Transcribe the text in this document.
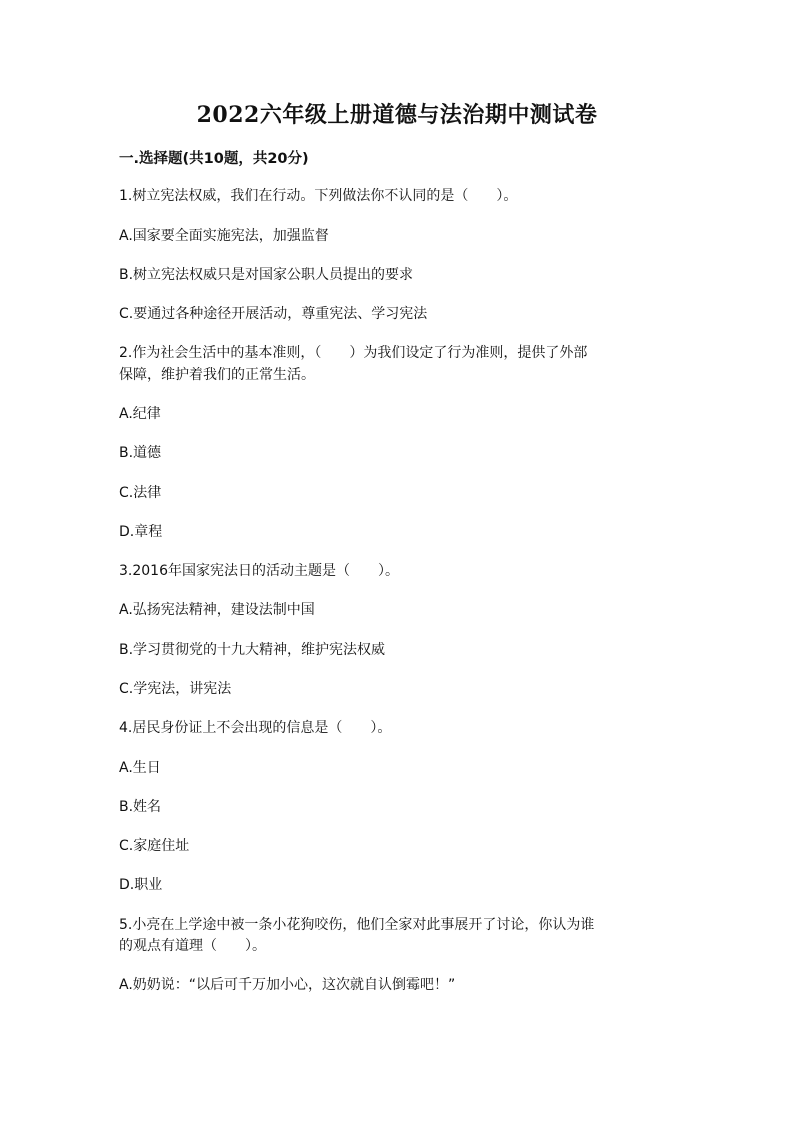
2022六年级上册道德与法治期中测试卷
一.选择题(共10题，共20分)
1.树立宪法权威，我们在行动。下列做法你不认同的是（　　）。
A.国家要全面实施宪法，加强监督
B.树立宪法权威只是对国家公职人员提出的要求
C.要通过各种途径开展活动，尊重宪法、学习宪法
2.作为社会生活中的基本准则，（　　）为我们设定了行为准则，提供了外部
保障，维护着我们的正常生活。
A.纪律
B.道德
C.法律
D.章程
3.2016年国家宪法日的活动主题是（　　）。
A.弘扬宪法精神，建设法制中国
B.学习贯彻党的十九大精神，维护宪法权威
C.学宪法，讲宪法
4.居民身份证上不会出现的信息是（　　）。
A.生日
B.姓名
C.家庭住址
D.职业
5.小亮在上学途中被一条小花狗咬伤，他们全家对此事展开了讨论，你认为谁
的观点有道理（　　）。
A.奶奶说：“以后可千万加小心，这次就自认倒霉吧！”
